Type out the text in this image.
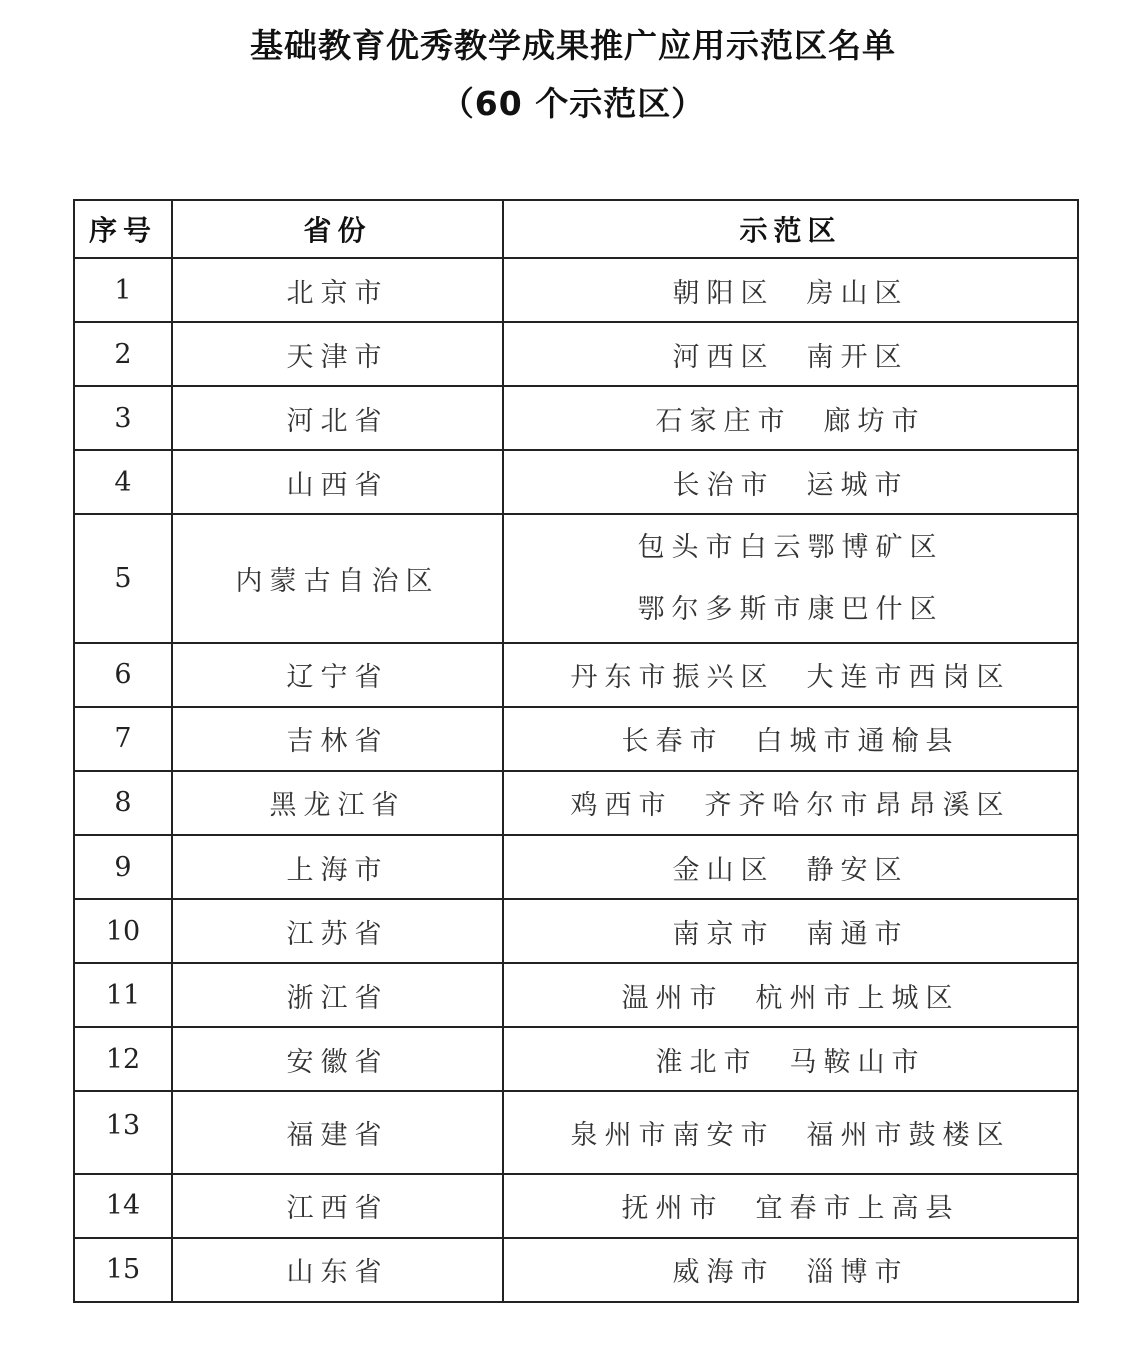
基础教育优秀教学成果推广应用示范区名单
（60 个示范区）
序号	省份	示范区
1	北京市	朝阳区 房山区
2	天津市	河西区 南开区
3	河北省	石家庄市 廊坊市
4	山西省	长治市 运城市
5	内蒙古自治区	包头市白云鄂博矿区
鄂尔多斯市康巴什区

6	辽宁省	丹东市振兴区 大连市西岗区
7	吉林省	长春市 白城市通榆县
8	黑龙江省	鸡西市 齐齐哈尔市昂昂溪区
9	上海市	金山区 静安区
10	江苏省	南京市 南通市
11	浙江省	温州市 杭州市上城区
12	安徽省	淮北市 马鞍山市
13	福建省	泉州市南安市 福州市鼓楼区
14	江西省	抚州市 宜春市上高县
15	山东省	威海市 淄博市
